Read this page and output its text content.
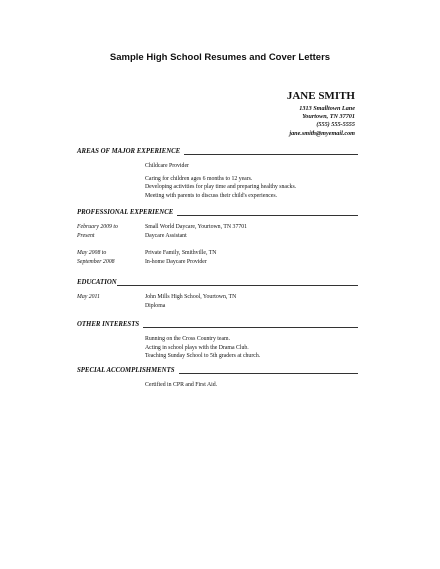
Sample High School Resumes and Cover Letters
JANE SMITH
1313 Smalltown Lane
Yourtown, TN 37701
(555) 555-5555
jane.smith@myemail.com
AREAS OF MAJOR EXPERIENCE
Childcare Provider
Caring for children ages 6 months to 12 years.
Developing activities for play time and preparing healthy snacks.
Meeting with parents to discuss their child's experiences.
PROFESSIONAL EXPERIENCE
February 2009 to
Present
Small World Daycare, Yourtown, TN 37701
Daycare Assistant
May 2008 to
September 2008
Private Family, Smithville, TN
In-home Daycare Provider
EDUCATION
May 2011	John Mills High School, Yourtown, TN
Diploma
OTHER INTERESTS
Running on the Cross Country team.
Acting in school plays with the Drama Club.
Teaching Sunday School to 5th graders at church.
SPECIAL ACCOMPLISHMENTS
Certified in CPR and First Aid.
